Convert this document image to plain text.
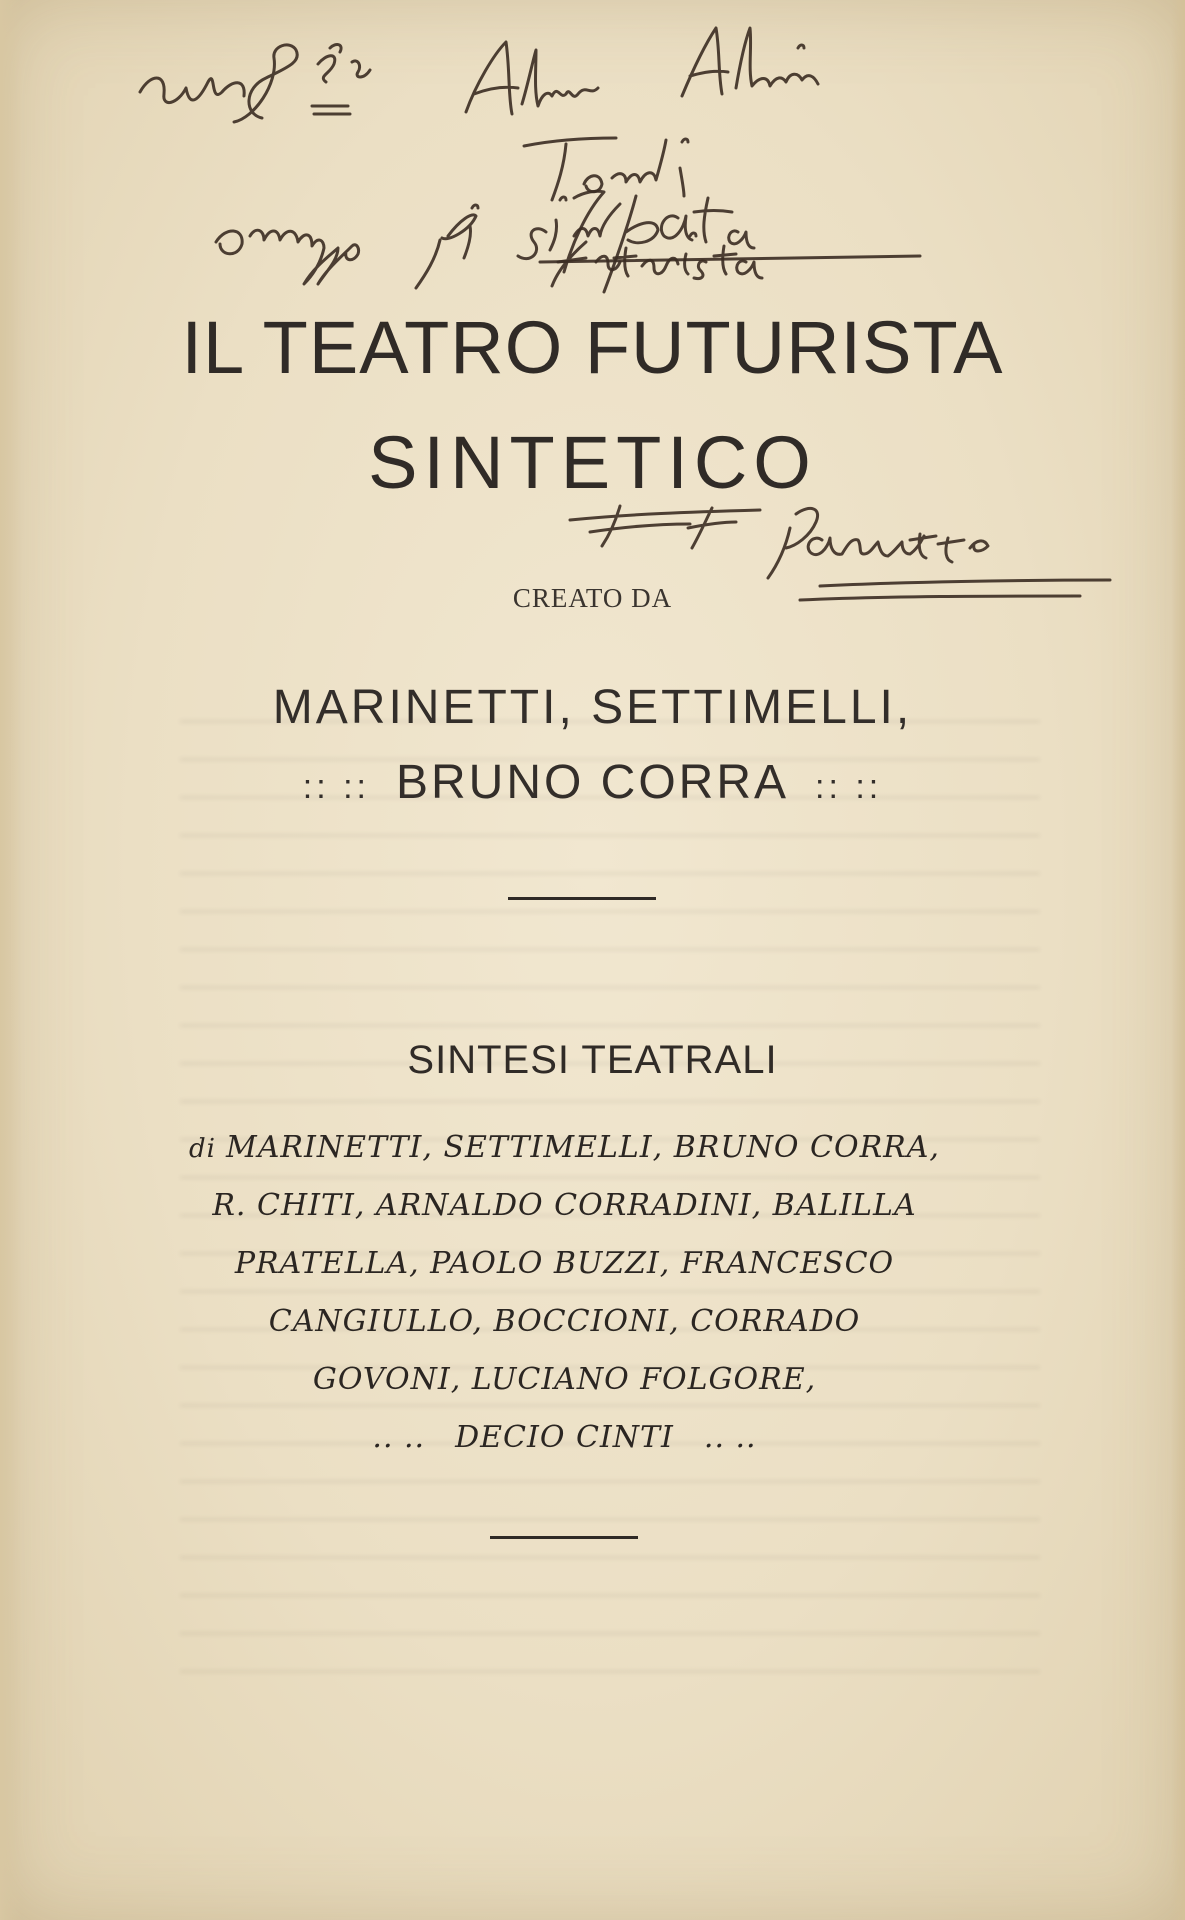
IL TEATRO FUTURISTA

SINTETICO

CREATO DA

MARINETTI, SETTIMELLI,

:: :: BRUNO CORRA :: ::

SINTESI TEATRALI

di MARINETTI, SETTIMELLI, BRUNO CORRA,

R. CHITI, ARNALDO CORRADINI, BALILLA

PRATELLA, PAOLO BUZZI, FRANCESCO

CANGIULLO, BOCCIONI, CORRADO

GOVONI, LUCIANO FOLGORE,

.. .. DECIO CINTI .. ..
